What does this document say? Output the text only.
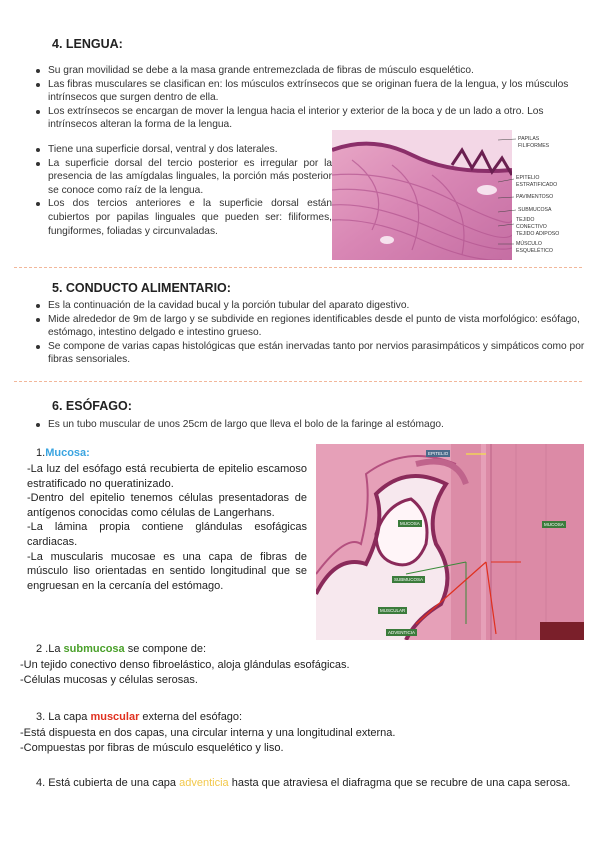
4. LENGUA:
Su gran movilidad se debe a la masa grande entremezclada de fibras de músculo esquelético.
Las fibras musculares se clasifican en: los músculos extrínsecos que se originan fuera de la lengua, y los músculos intrínsecos que surgen dentro de ella.
Los extrínsecos se encargan de mover la lengua hacia el interior y exterior de la boca y de un lado a otro. Los intrínsecos alteran la forma de la lengua.
Tiene una superficie dorsal, ventral y dos laterales.
La superficie dorsal del tercio posterior es irregular por la presencia de las amígdalas linguales, la porción más posterior se conoce como raíz de la lengua.
Los dos tercios anteriores e la superficie dorsal están cubiertos por papilas linguales que pueden ser: filiformes, fungiformes, foliadas y circunvaladas.
PAPILAS
FILIFORMES
EPITELIO
ESTRATIFICADO
PAVIMENTOSO
SUBMUCOSA
TEJIDO
CONECTIVO
TEJIDO ADIPOSO
MÚSCULO
ESQUELÉTICO
5. CONDUCTO ALIMENTARIO:
Es la continuación de la cavidad bucal y la porción tubular del aparato digestivo.
Mide alrededor de 9m de largo y se subdivide en regiones identificables desde el punto de vista morfológico: esófago, estómago, intestino delgado e intestino grueso.
Se compone de varias capas histológicas que están inervadas tanto por nervios parasimpáticos y simpáticos como por fibras sensoriales.
6. ESÓFAGO:
Es un tubo muscular de unos 25cm de largo que lleva el bolo de la faringe al estómago.
1.Mucosa:
-La luz del esófago está recubierta de epitelio escamoso estratificado no queratinizado.
-Dentro del epitelio tenemos células presentadoras de antígenos conocidas como células de Langerhans.
-La lámina propia contiene glándulas esofágicas cardiacas.
-La muscularis mucosae es una capa de fibras de músculo liso orientadas en sentido longitudinal que se engruesan en la cercanía del estómago.
EPITELIO
MUCOSA
SUBMUCOSA
MUSCULAR
ADVENTICIA
MUCOSA
2 .La submucosa se compone de:
-Un tejido conectivo denso fibroelástico, aloja glándulas esofágicas.
-Células mucosas y células serosas.
3. La capa muscular externa del esófago:
-Está dispuesta en dos capas, una circular interna y una longitudinal externa.
-Compuestas por fibras de músculo esquelético y liso.
4. Está cubierta de una capa adventicia hasta que atraviesa el diafragma que se recubre de una capa serosa.
